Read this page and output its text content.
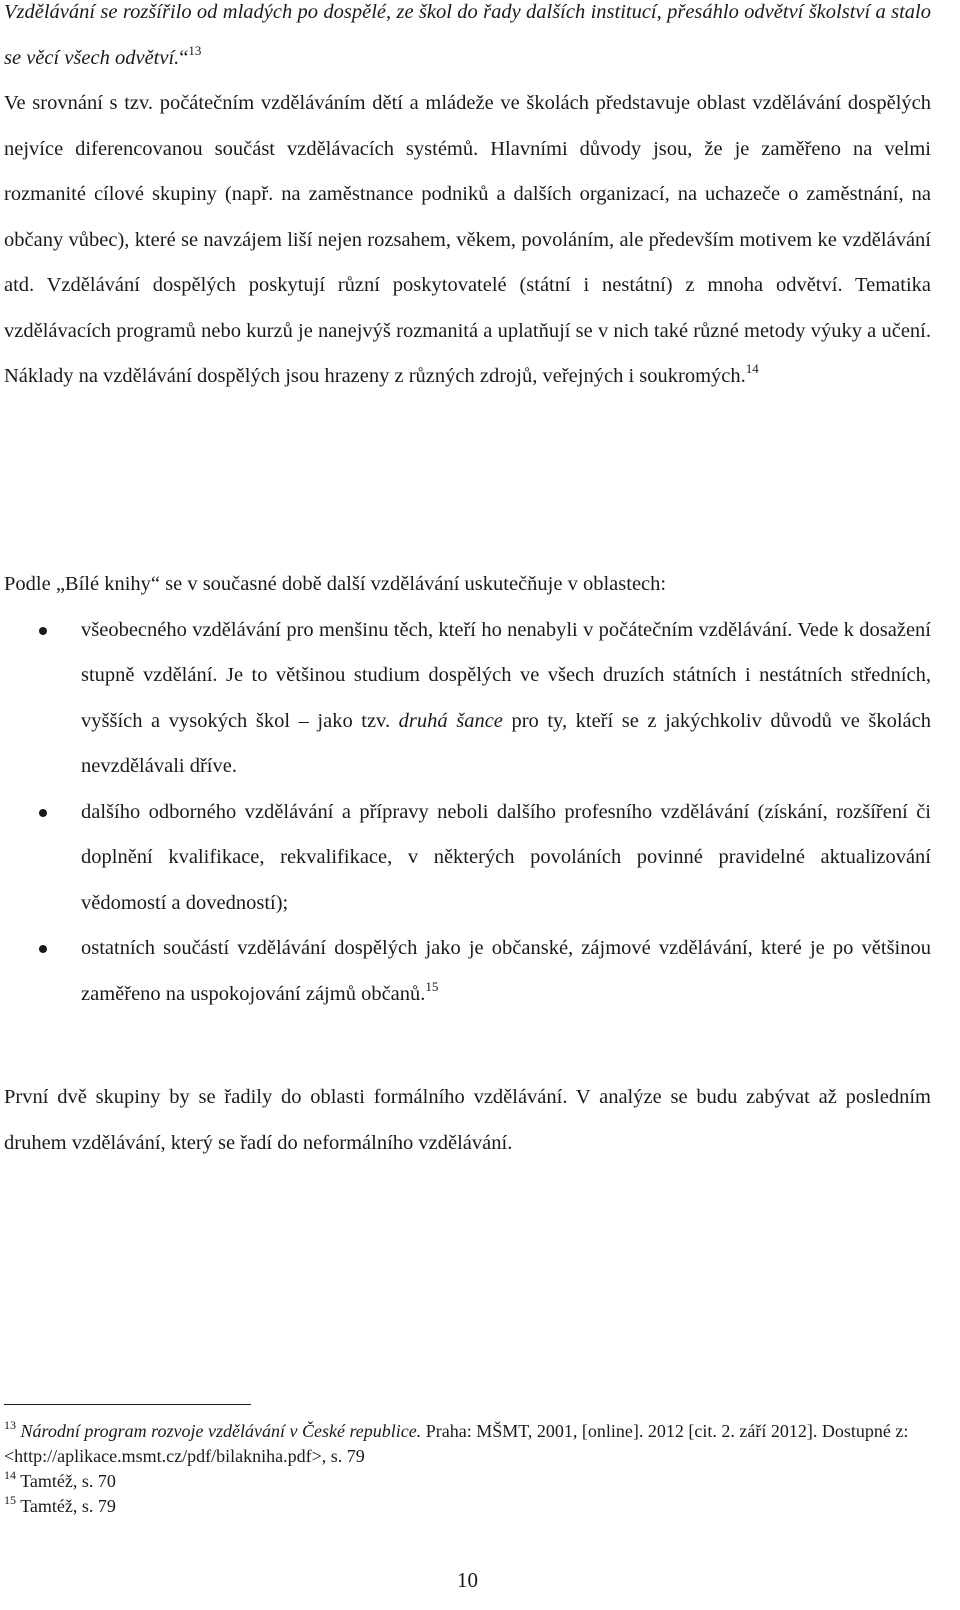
Vzdělávání se rozšířilo od mladých po dospělé, ze škol do řady dalších institucí, přesáhlo odvětví školství a stalo se věcí všech odvětví.“$^{13}$
Ve srovnání s tzv. počátečním vzděláváním dětí a mládeže ve školách představuje oblast vzdělávání dospělých nejvíce diferencovanou součást vzdělávacích systémů. Hlavními důvody jsou, že je zaměřeno na velmi rozmanité cílové skupiny (např. na zaměstnance podniků a dalších organizací, na uchazeče o zaměstnání, na občany vůbec), které se navzájem liší nejen rozsahem, věkem, povoláním, ale především motivem ke vzdělávání atd. Vzdělávání dospělých poskytují různí poskytovatelé (státní i nestátní) z mnoha odvětví. Tematika vzdělávacích programů nebo kurzů je nanejvýš rozmanitá a uplatňují se v nich také různé metody výuky a učení. Náklady na vzdělávání dospělých jsou hrazeny z různých zdrojů, veřejných i soukromých.$^{14}$

Podle „Bílé knihy“ se v současné době další vzdělávání uskutečňuje v oblastech:

všeobecného vzdělávání pro menšinu těch, kteří ho nenabyli v počátečním vzdělávání. Vede k dosažení stupně vzdělání. Je to většinou studium dospělých ve všech druzích státních i nestátních středních, vyšších a vysokých škol – jako tzv. druhá šance pro ty, kteří se z jakýchkoliv důvodů ve školách nevzdělávali dříve.
dalšího odborného vzdělávání a přípravy neboli dalšího profesního vzdělávání (získání, rozšíření či doplnění kvalifikace, rekvalifikace, v některých povoláních povinné pravidelné aktualizování vědomostí a dovedností);
ostatních součástí vzdělávání dospělých jako je občanské, zájmové vzdělávání, které je po většinou zaměřeno na uspokojování zájmů občanů.$^{15}$

První dvě skupiny by se řadily do oblasti formálního vzdělávání. V analýze se budu zabývat až posledním druhem vzdělávání, který se řadí do neformálního vzdělávání.

$^{13}$ Národní program rozvoje vzdělávání v České republice. Praha: MŠMT, 2001, [online]. 2012 [cit. 2. září 2012]. Dostupné z: <http://aplikace.msmt.cz/pdf/bilakniha.pdf>, s. 79

$^{14}$ Tamtéž, s. 70

$^{15}$ Tamtéž, s. 79

10
